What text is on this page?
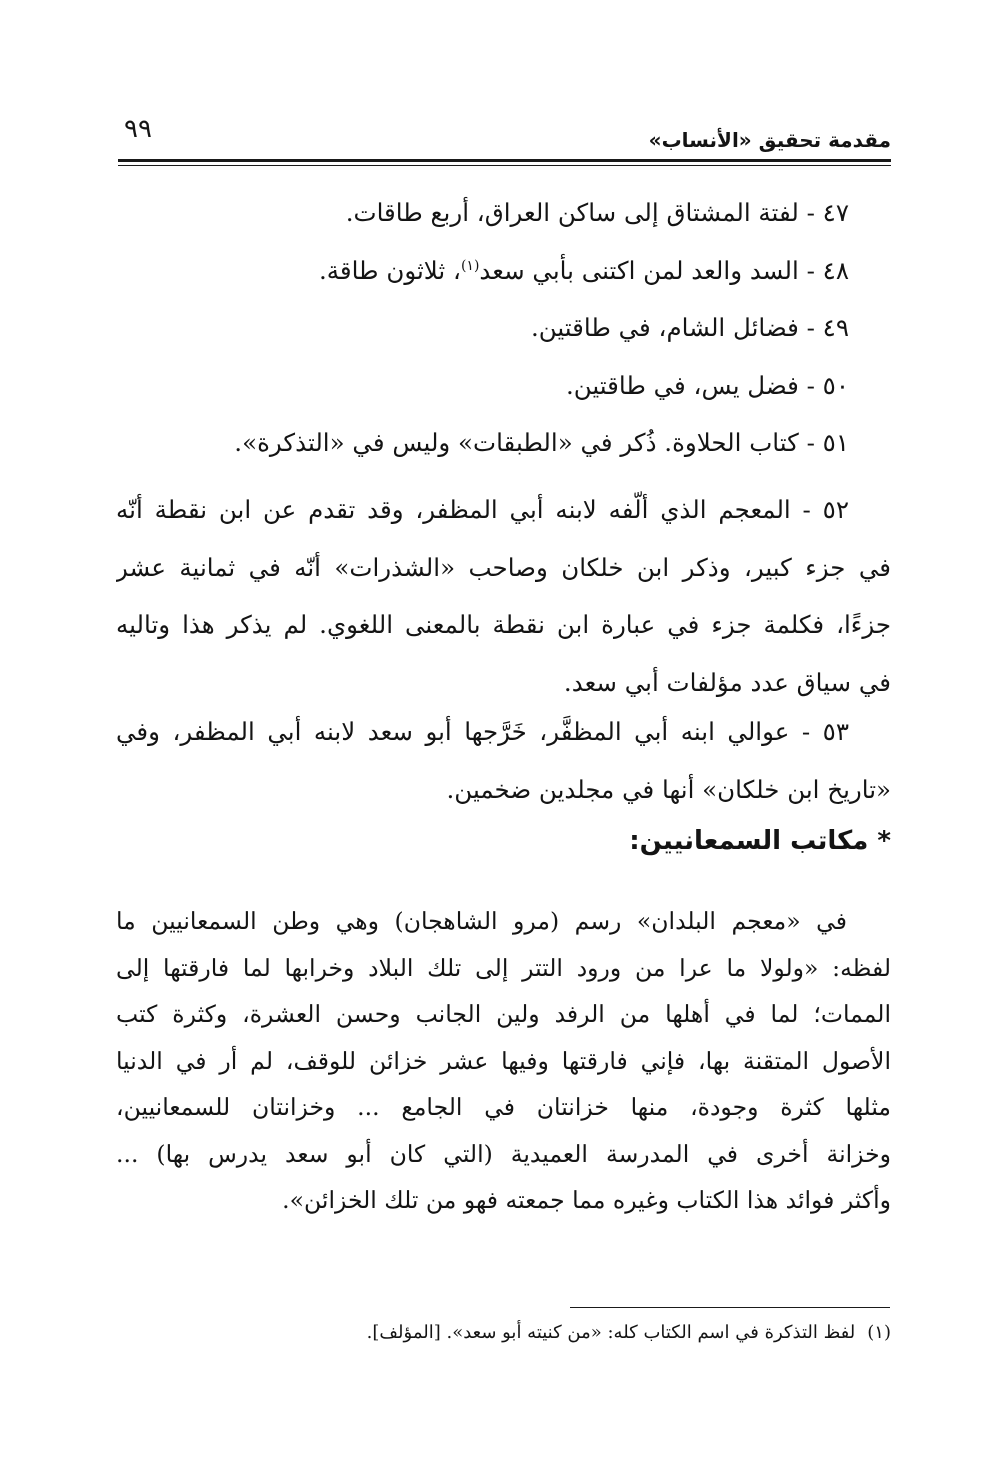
مقدمة تحقيق «الأنساب»
٩٩
٤٧ - لفتة المشتاق إلى ساكن العراق، أربع طاقات.
٤٨ - السد والعد لمن اكتنى بأبي سعد$^{(١)}$، ثلاثون طاقة.
٤٩ - فضائل الشام، في طاقتين.
٥٠ - فضل يس، في طاقتين.
٥١ - كتاب الحلاوة. ذُكر في «الطبقات» وليس في «التذكرة».
٥٢ - المعجم الذي ألّفه لابنه أبي المظفر، وقد تقدم عن ابن نقطة أنّه
في جزء كبير، وذكر ابن خلكان وصاحب «الشذرات» أنّه في ثمانية عشر
جزءًا، فكلمة جزء في عبارة ابن نقطة بالمعنى اللغوي. لم يذكر هذا وتاليه
في سياق عدد مؤلفات أبي سعد.
٥٣ - عوالي ابنه أبي المظفَّر، خَرَّجها أبو سعد لابنه أبي المظفر، وفي
«تاريخ ابن خلكان» أنها في مجلدين ضخمين.
* مكاتب السمعانيين:
في «معجم البلدان» رسم (مرو الشاهجان) وهي وطن السمعانيين ما
لفظه: «ولولا ما عرا من ورود التتر إلى تلك البلاد وخرابها لما فارقتها إلى
الممات؛ لما في أهلها من الرفد ولين الجانب وحسن العشرة، وكثرة كتب
الأصول المتقنة بها، فإني فارقتها وفيها عشر خزائن للوقف، لم أر في الدنيا
مثلها كثرة وجودة، منها خزانتان في الجامع ... وخزانتان للسمعانيين،
وخزانة أخرى في المدرسة العميدية (التي كان أبو سعد يدرس بها) ...
وأكثر فوائد هذا الكتاب وغيره مما جمعته فهو من تلك الخزائن».
(١)لفظ التذكرة في اسم الكتاب كله: «من كنيته أبو سعد». [المؤلف].
